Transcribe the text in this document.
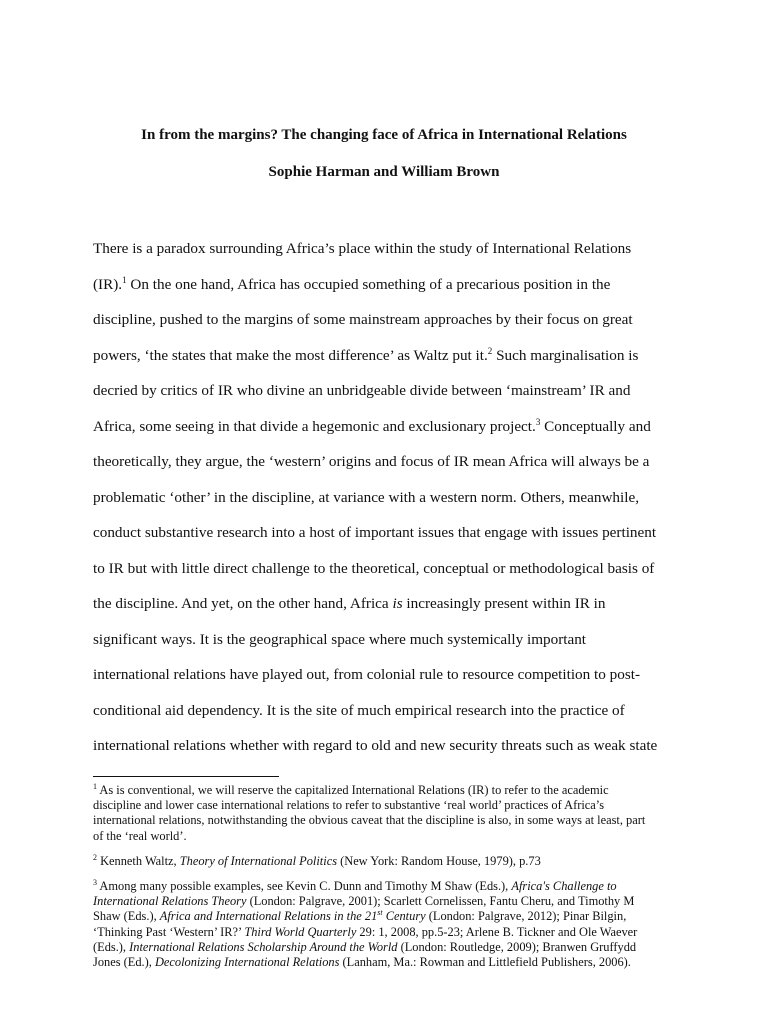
In from the margins? The changing face of Africa in International Relations
Sophie Harman and William Brown
There is a paradox surrounding Africa’s place within the study of International Relations
(IR).$^1$ On the one hand, Africa has occupied something of a precarious position in the
discipline, pushed to the margins of some mainstream approaches by their focus on great
powers, ‘the states that make the most difference’ as Waltz put it.$^2$ Such marginalisation is
decried by critics of IR who divine an unbridgeable divide between ‘mainstream’ IR and
Africa, some seeing in that divide a hegemonic and exclusionary project.$^3$ Conceptually and
theoretically, they argue, the ‘western’ origins and focus of IR mean Africa will always be a
problematic ‘other’ in the discipline, at variance with a western norm. Others, meanwhile,
conduct substantive research into a host of important issues that engage with issues pertinent
to IR but with little direct challenge to the theoretical, conceptual or methodological basis of
the discipline. And yet, on the other hand, Africa is increasingly present within IR in
significant ways. It is the geographical space where much systemically important
international relations have played out, from colonial rule to resource competition to post-
conditional aid dependency. It is the site of much empirical research into the practice of
international relations whether with regard to old and new security threats such as weak state
$^1$ As is conventional, we will reserve the capitalized International Relations (IR) to refer to the academic
discipline and lower case international relations to refer to substantive ‘real world’ practices of Africa’s
international relations, notwithstanding the obvious caveat that the discipline is also, in some ways at least, part
of the ‘real world’.
$^2$ Kenneth Waltz, Theory of International Politics (New York: Random House, 1979), p.73
$^3$ Among many possible examples, see Kevin C. Dunn and Timothy M Shaw (Eds.), Africa's Challenge to
International Relations Theory (London: Palgrave, 2001); Scarlett Cornelissen, Fantu Cheru, and Timothy M
Shaw (Eds.), Africa and International Relations in the 21st Century (London: Palgrave, 2012); Pinar Bilgin,
‘Thinking Past ‘Western’ IR?’ Third World Quarterly 29: 1, 2008, pp.5-23; Arlene B. Tickner and Ole Waever
(Eds.), International Relations Scholarship Around the World (London: Routledge, 2009); Branwen Gruffydd
Jones (Ed.), Decolonizing International Relations (Lanham, Ma.: Rowman and Littlefield Publishers, 2006).
